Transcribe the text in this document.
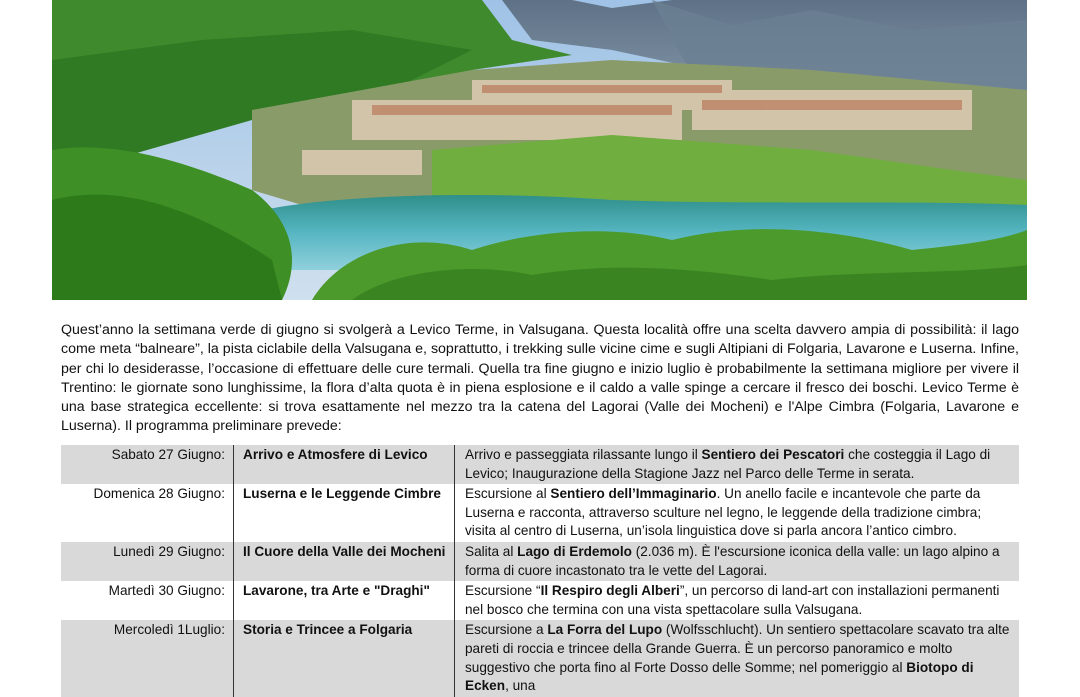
Quest’anno la settimana verde di giugno si svolgerà a Levico Terme, in Valsugana. Questa località offre una scelta davvero ampia di possibilità: il lago come meta “balneare”, la pista ciclabile della Valsugana e, soprattutto, i trekking sulle vicine cime e sugli Altipiani di Folgaria, Lavarone e Luserna. Infine, per chi lo desiderasse, l’occasione di effettuare delle cure termali. Quella tra fine giugno e inizio luglio è probabilmente la settimana migliore per vivere il Trentino: le giornate sono lunghissime, la flora d’alta quota è in piena esplosione e il caldo a valle spinge a cercare il fresco dei boschi. Levico Terme è una base strategica eccellente: si trova esattamente nel mezzo tra la catena del Lagorai (Valle dei Mocheni) e l'Alpe Cimbra (Folgaria, Lavarone e Luserna). Il programma preliminare prevede:

Sabato 27 Giugno:	Arrivo e Atmosfere di Levico	Arrivo e passeggiata rilassante lungo il Sentiero dei Pescatori che costeggia il Lago di Levico; Inaugurazione della Stagione Jazz nel Parco delle Terme in serata.
Domenica 28 Giugno:	Luserna e le Leggende Cimbre	Escursione al Sentiero dell’Immaginario. Un anello facile e incantevole che parte da Luserna e racconta, attraverso sculture nel legno, le leggende della tradizione cimbra; visita al centro di Luserna, un’isola linguistica dove si parla ancora l’antico cimbro.
Lunedì 29 Giugno:	Il Cuore della Valle dei Mocheni	Salita al Lago di Erdemolo (2.036 m). È l'escursione iconica della valle: un lago alpino a forma di cuore incastonato tra le vette del Lagorai.
Martedì 30 Giugno:	Lavarone, tra Arte e "Draghi"	Escursione “Il Respiro degli Alberi”, un percorso di land-art con installazioni permanenti nel bosco che termina con una vista spettacolare sulla Valsugana.
Mercoledì 1Luglio:	Storia e Trincee a Folgaria	Escursione a La Forra del Lupo (Wolfsschlucht). Un sentiero spettacolare scavato tra alte pareti di roccia e trincee della Grande Guerra. È un percorso panoramico e molto suggestivo che porta fino al Forte Dosso delle Somme; nel pomeriggio al Biotopo di Ecken, una
